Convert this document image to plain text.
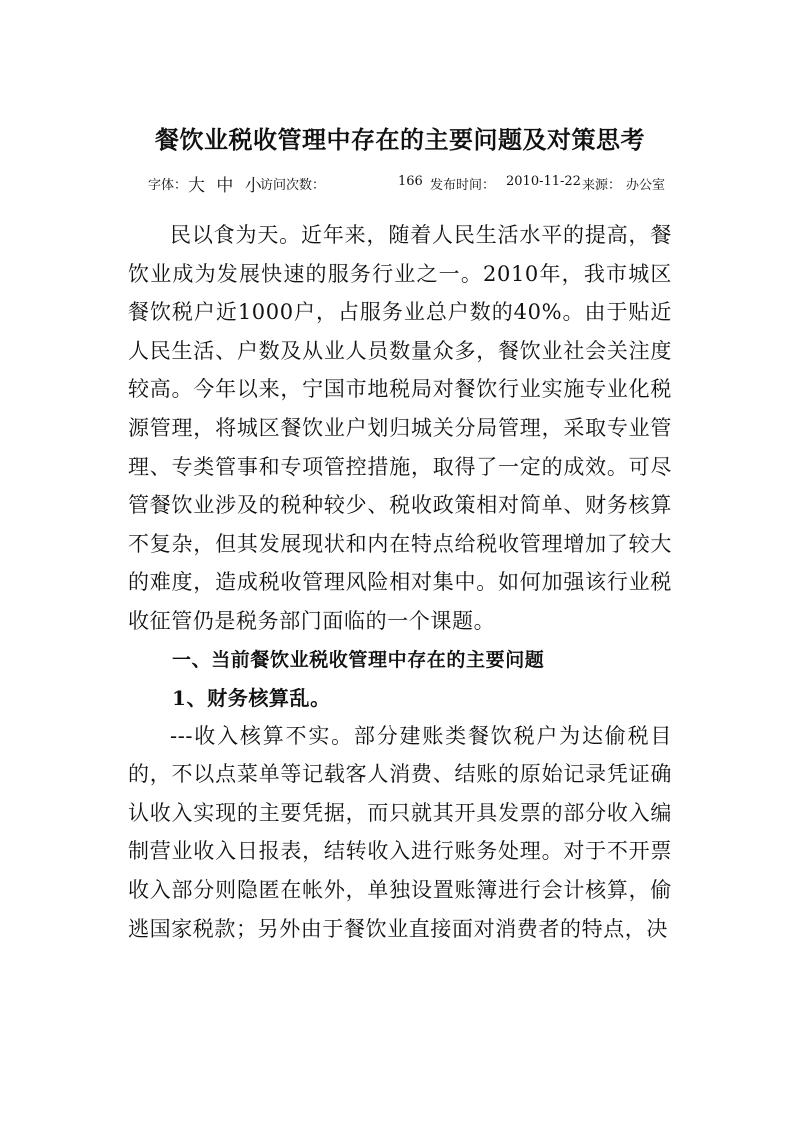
餐饮业税收管理中存在的主要问题及对策思考
字体： 大 中 小
访问次数：	166 发布时间： 2010-11-22 来源： 办公室

民以食为天。近年来，随着人民生活水平的提高，餐饮业成为发展快速的服务行业之一。2010年，我市城区餐饮税户近1000户，占服务业总户数的40%。由于贴近人民生活、户数及从业人员数量众多，餐饮业社会关注度较高。今年以来，宁国市地税局对餐饮行业实施专业化税源管理，将城区餐饮业户划归城关分局管理，采取专业管理、专类管事和专项管控措施，取得了一定的成效。可尽管餐饮业涉及的税种较少、税收政策相对简单、财务核算不复杂，但其发展现状和内在特点给税收管理增加了较大的难度，造成税收管理风险相对集中。如何加强该行业税收征管仍是税务部门面临的一个课题。

一、当前餐饮业税收管理中存在的主要问题

1、财务核算乱。

---收入核算不实。部分建账类餐饮税户为达偷税目的，不以点菜单等记载客人消费、结账的原始记录凭证确认收入实现的主要凭据，而只就其开具发票的部分收入编制营业收入日报表，结转收入进行账务处理。对于不开票收入部分则隐匿在帐外，单独设置账簿进行会计核算，偷逃国家税款；另外由于餐饮业直接面对消费者的特点，决
